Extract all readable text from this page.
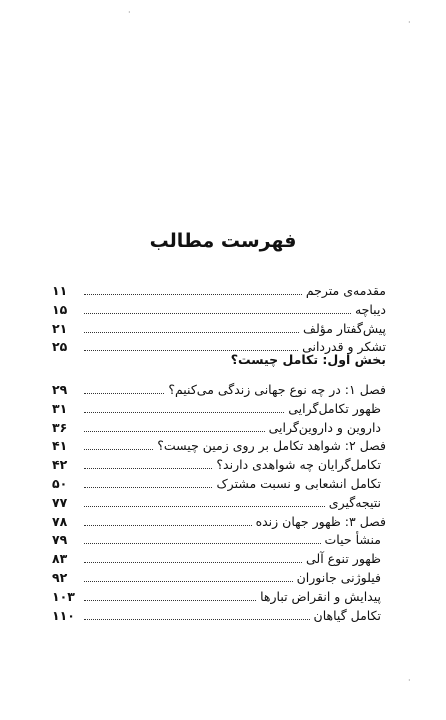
فهرست مطالب
مقدمه‌ی مترجم
۱۱
دیباچه
۱۵
پیش‌گفتار مؤلف
۲۱
تشکر و قدردانی
۲۵
بخش اول: تکامل چیست؟
فصل ۱: در چه نوع جهانی زندگی می‌کنیم؟
۲۹
ظهور تکامل‌گرایی
۳۱
داروین و داروین‌گرایی
۳۶
فصل ۲: شواهد تکامل بر روی زمین چیست؟
۴۱
تکامل‌گرایان چه شواهدی دارند؟
۴۲
تکامل انشعابی و نسبت مشترک
۵۰
نتیجه‌گیری
۷۷
فصل ۳: ظهور جهان زنده
۷۸
منشأ حیات
۷۹
ظهور تنوع آلی
۸۳
فیلوژنی جانوران
۹۲
پیدایش و انقراض تبارها
۱۰۳
تکامل گیاهان
۱۱۰
·
·
·
